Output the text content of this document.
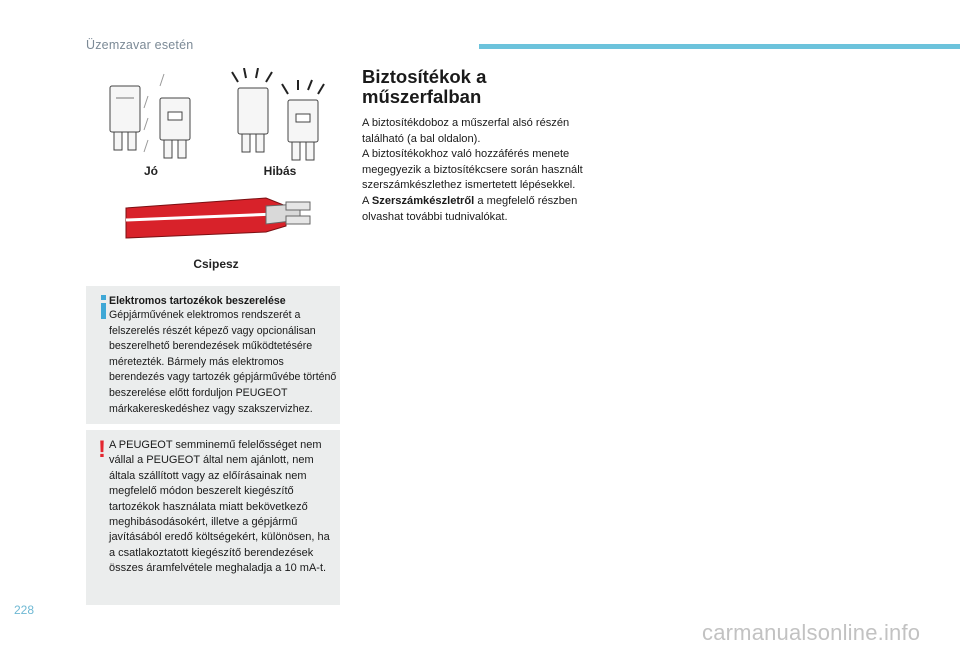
Üzemzavar esetén
Jó	Hibás
Csipesz
Elektromos tartozékok beszerelése
Gépjárművének elektromos rendszerét a felszerelés részét képező vagy opcionálisan beszerelhető berendezések működtetésére méretezték. Bármely más elektromos berendezés vagy tartozék gépjárművébe történő beszerelése előtt forduljon PEUGEOT márkakereskedéshez vagy szakszervizhez.
! A PEUGEOT semminemű felelősséget nem vállal a PEUGEOT által nem ajánlott, nem általa szállított vagy az előírásainak nem megfelelő módon beszerelt kiegészítő tartozékok használata miatt bekövetkező meghibásodásokért, illetve a gépjármű javításából eredő költségekért, különösen, ha a csatlakoztatott kiegészítő berendezések összes áramfelvétele meghaladja a 10 mA-t.
Biztosítékok a
műszerfalban
A biztosítékdoboz a műszerfal alsó részén található (a bal oldalon).
A biztosítékokhoz való hozzáférés menete megegyezik a biztosítékcsere során használt szerszámkészlethez ismertetett lépésekkel.
A Szerszámkészletről a megfelelő részben olvashat további tudnivalókat.
228
carmanualsonline.info
